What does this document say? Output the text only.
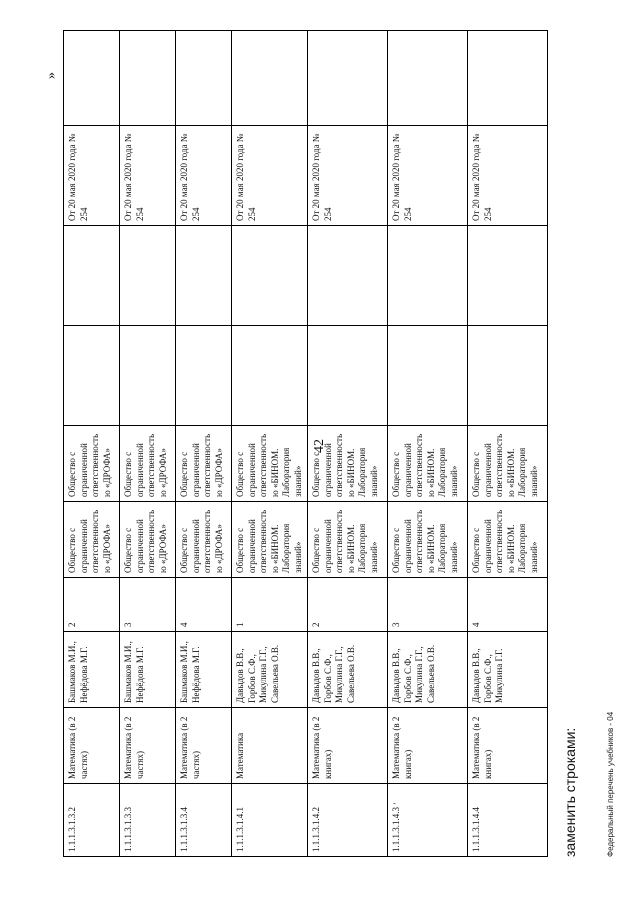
42
1.1.1.3.1.3.2	Математика (в 2 частях)	Башмаков М.И., Нефёдова М.Г.	2	Общество с ограниченной ответственностью «ДРОФА»	Общество с ограниченной ответственностью «ДРОФА»			От 20 мая 2020 года № 254	
1.1.1.3.1.3.3	Математика (в 2 частях)	Башмаков М.И., Нефёдова М.Г.	3	Общество с ограниченной ответственностью «ДРОФА»	Общество с ограниченной ответственностью «ДРОФА»			От 20 мая 2020 года № 254	
1.1.1.3.1.3.4	Математика (в 2 частях)	Башмаков М.И., Нефёдова М.Г.	4	Общество с ограниченной ответственностью «ДРОФА»	Общество с ограниченной ответственностью «ДРОФА»			От 20 мая 2020 года № 254	
1.1.1.3.1.4.1	Математика	Давыдов В.В., Горбов С.Ф., Микулина Г.Г., Савельева О.В.	1	Общество с ограниченной ответственностью «БИНОМ. Лаборатория знаний»	Общество с ограниченной ответственностью «БИНОМ. Лаборатория знаний»			От 20 мая 2020 года № 254	
1.1.1.3.1.4.2	Математика (в 2 книгах)	Давыдов В.В., Горбов С.Ф., Микулина Г.Г., Савельева О.В.	2	Общество с ограниченной ответственностью «БИНОМ. Лаборатория знаний»	Общество с ограниченной ответственностью «БИНОМ. Лаборатория знаний»			От 20 мая 2020 года № 254	
1.1.1.3.1.4.3	Математика (в 2 книгах)	Давыдов В.В., Горбов С.Ф., Микулина Г.Г., Савельева О.В.	3	Общество с ограниченной ответственностью «БИНОМ. Лаборатория знаний»	Общество с ограниченной ответственностью «БИНОМ. Лаборатория знаний»			От 20 мая 2020 года № 254	
1.1.1.3.1.4.4	Математика (в 2 книгах)	Давыдов В.В., Горбов С.Ф., Микулина Г.Г.	4	Общество с ограниченной ответственностью «БИНОМ. Лаборатория знаний»	Общество с ограниченной ответственностью «БИНОМ. Лаборатория знаний»			От 20 мая 2020 года № 254	
»
’	заменить строками:	Федеральный перечень учебников - 04
